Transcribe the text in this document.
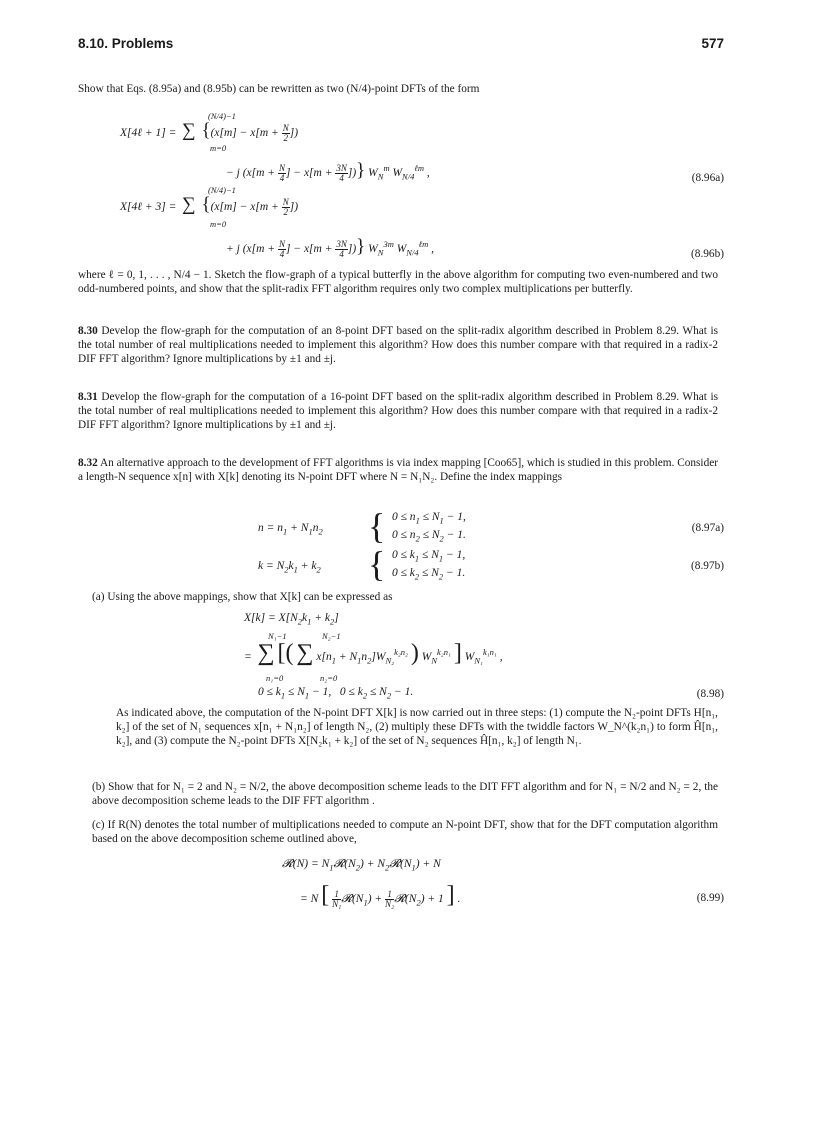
8.10. Problems	577
Show that Eqs. (8.95a) and (8.95b) can be rewritten as two (N/4)-point DFTs of the form
(N/4)−1
X[4ℓ + 1] =  ∑ {($x[m] - x[m + \frac{N}{2}$ ])
m=0
− j ($x[m + \frac{N}{4}$ ] − $x[m + \frac{3N}{4}$ ])} $W_N^m$ $W_{N/4}^{\ell m}$ ,	(8.96a)
(N/4)−1
X[4ℓ + 3] =  ∑ {($x[m] - x[m + \frac{N}{2}$ ])
m=0
+ j ($x[m + \frac{N}{4}$ ] − $x[m + \frac{3N}{4}$ ])} $W_N^{3m}$ $W_{N/4}^{\ell m}$ ,	(8.96b)
where ℓ = 0, 1, . . . , N/4 − 1. Sketch the flow-graph of a typical butterfly in the above algorithm for computing two even-numbered and two odd-numbered points, and show that the split-radix FFT algorithm requires only two complex multiplications per butterfly.
8.30 Develop the flow-graph for the computation of an 8-point DFT based on the split-radix algorithm described in Problem 8.29. What is the total number of real multiplications needed to implement this algorithm? How does this number compare with that required in a radix-2 DIF FFT algorithm? Ignore multiplications by ±1 and ±j.
8.31 Develop the flow-graph for the computation of a 16-point DFT based on the split-radix algorithm described in Problem 8.29. What is the total number of real multiplications needed to implement this algorithm? How does this number compare with that required in a radix-2 DIF FFT algorithm? Ignore multiplications by ±1 and ±j.
8.32 An alternative approach to the development of FFT algorithms is via index mapping [Coo65], which is studied in this problem. Consider a length-N sequence x[n] with X[k] denoting its N-point DFT where N = N₁N₂. Define the index mappings
$n = n_1 + N_1n_2$ { $0 \le n_1 \le N_1 - 1$,
$0 \le n_2 \le N_2 - 1$.
(8.97a)
$k = N_2k_1 + k_2$ { $0 \le k_1 \le N_1 - 1$,
$0 \le k_2 \le N_2 - 1$.
(8.97b)
(a) Using the above mappings, show that X[k] can be expressed as
$X[k] = X[N_2k_1 + k_2]$
N₁−1	N₂−1
=  ∑ [( ∑ $x[n_1 + N_1n_2]W_{N_2}^{k_2n_2}$ ) $W_N^{k_2n_1}$ ] $W_{N_1}^{k_1n_1}$ ,
n₁=0	n₂=0
$0 \le k_1 \le N_1 - 1$,   $0 \le k_2 \le N_2 - 1$.	(8.98)
As indicated above, the computation of the N-point DFT X[k] is now carried out in three steps: (1) compute the N₂-point DFTs H[n₁, k₂] of the set of N₁ sequences x[n₁ + N₁n₂] of length N₂, (2) multiply these DFTs with the twiddle factors W_N^(k₂n₁) to form Ĥ[n₁, k₂], and (3) compute the N₂-point DFTs X[N₂k₁ + k₂] of the set of N₂ sequences Ĥ[n₁, k₂] of length N₁.
(b) Show that for N₁ = 2 and N₂ = N/2, the above decomposition scheme leads to the DIT FFT algorithm and for N₁ = N/2 and N₂ = 2, the above decomposition scheme leads to the DIF FFT algorithm .
(c) If R(N) denotes the total number of multiplications needed to compute an N-point DFT, show that for the DFT computation algorithm based on the above decomposition scheme outlined above,
𝓡(N) = $N_1𝓡(N_2)$ + $N_2𝓡(N_1) + N$
= N [ $\frac{1}{\text{N₁}}$ $𝓡(N_1) + \frac{1}{\text{N₂}}$ $𝓡(N_2) + 1$ ] .	(8.99)
